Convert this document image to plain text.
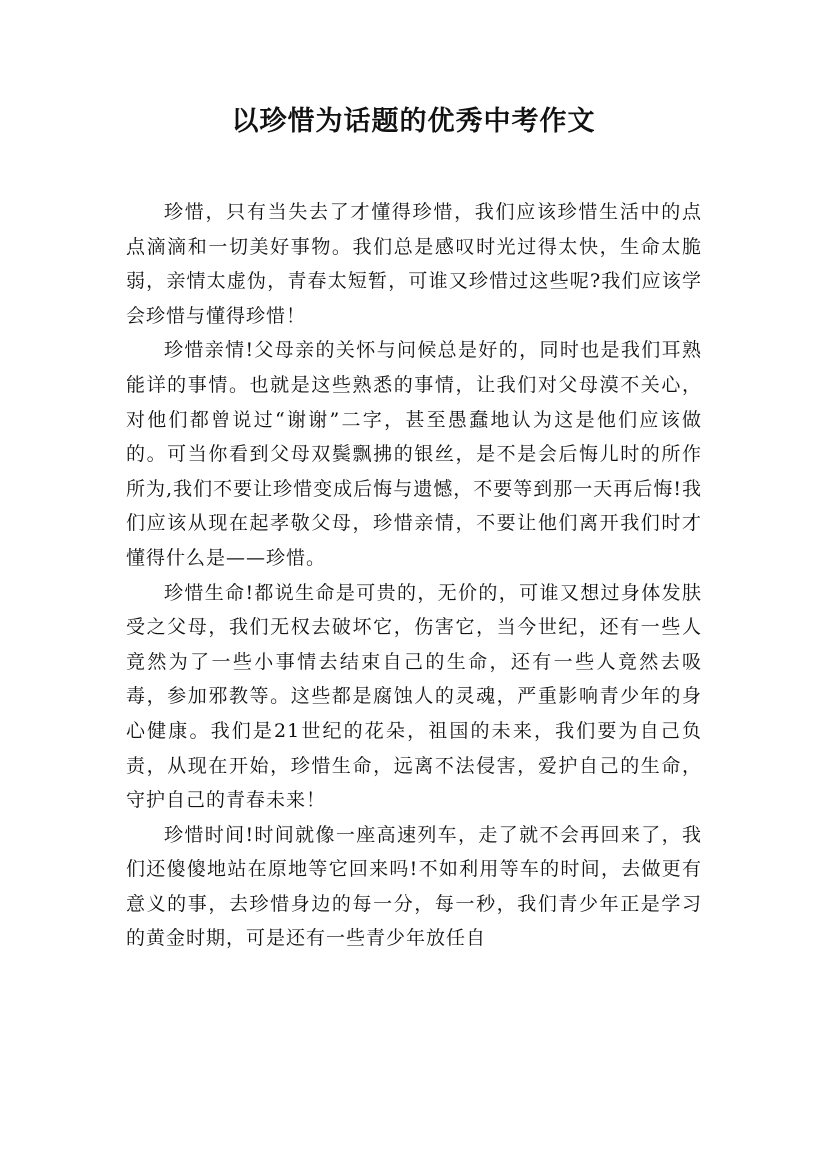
以珍惜为话题的优秀中考作文

珍惜，只有当失去了才懂得珍惜，我们应该珍惜生活中的点点滴滴和一切美好事物。我们总是感叹时光过得太快，生命太脆弱，亲情太虚伪，青春太短暂，可谁又珍惜过这些呢?我们应该学会珍惜与懂得珍惜！

珍惜亲情!父母亲的关怀与问候总是好的，同时也是我们耳熟能详的事情。也就是这些熟悉的事情，让我们对父母漠不关心，对他们都曾说过“谢谢”二字，甚至愚蠢地认为这是他们应该做的。可当你看到父母双鬓飘拂的银丝，是不是会后悔儿时的所作所为,我们不要让珍惜变成后悔与遗憾，不要等到那一天再后悔!我们应该从现在起孝敬父母，珍惜亲情，不要让他们离开我们时才懂得什么是——珍惜。

珍惜生命!都说生命是可贵的，无价的，可谁又想过身体发肤受之父母，我们无权去破坏它，伤害它，当今世纪，还有一些人竟然为了一些小事情去结束自己的生命，还有一些人竟然去吸毒，参加邪教等。这些都是腐蚀人的灵魂，严重影响青少年的身心健康。我们是21世纪的花朵，祖国的未来，我们要为自己负责，从现在开始，珍惜生命，远离不法侵害，爱护自己的生命，守护自己的青春未来！

珍惜时间!时间就像一座高速列车，走了就不会再回来了，我们还傻傻地站在原地等它回来吗!不如利用等车的时间，去做更有意义的事，去珍惜身边的每一分，每一秒，我们青少年正是学习的黄金时期，可是还有一些青少年放任自
